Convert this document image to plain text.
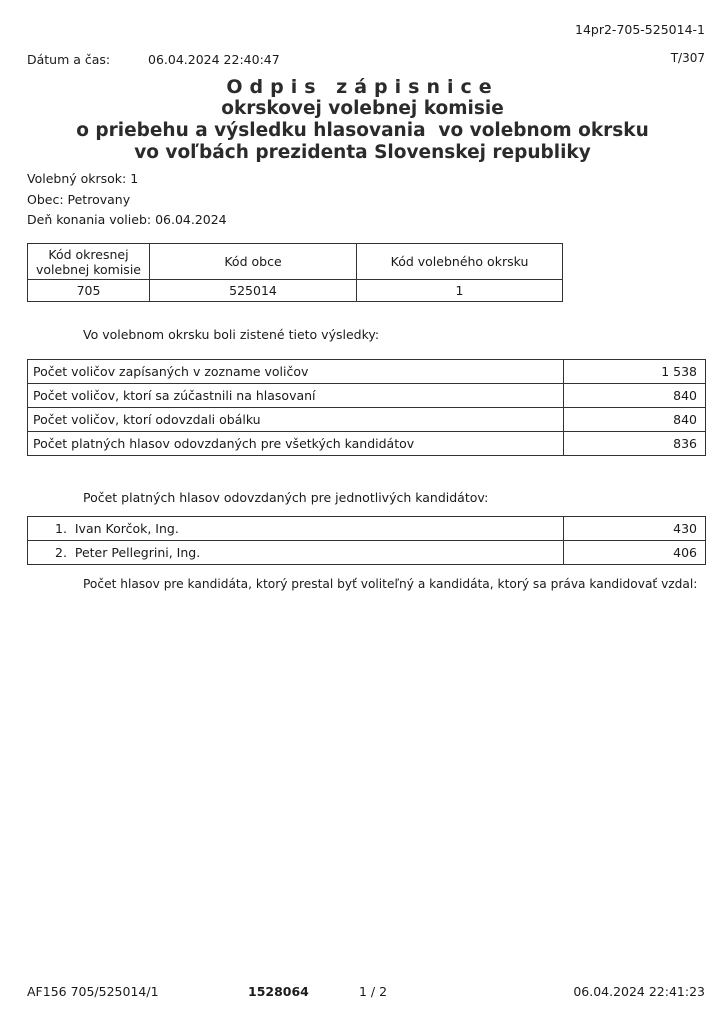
14pr2-705-525014-1
Dátum a čas:	06.04.2024 22:40:47	T/307
Odpis zápisnice
okrskovej volebnej komisie
o priebehu a výsledku hlasovania  vo volebnom okrsku
vo voľbách prezidenta Slovenskej republiky
Volebný okrsok: 1
Obec: Petrovany
Deň konania volieb: 06.04.2024
Kód okresnej volebnej komisie	Kód obce	Kód volebného okrsku
705	525014	1
Vo volebnom okrsku boli zistené tieto výsledky:
Počet voličov zapísaných v zozname voličov	1 538
Počet voličov, ktorí sa zúčastnili na hlasovaní	840
Počet voličov, ktorí odovzdali obálku	840
Počet platných hlasov odovzdaných pre všetkých kandidátov	836
Počet platných hlasov odovzdaných pre jednotlivých kandidátov:
1.  Ivan Korčok, Ing.	430
2.  Peter Pellegrini, Ing.	406
Počet hlasov pre kandidáta, ktorý prestal byť voliteľný a kandidáta, ktorý sa práva kandidovať vzdal:
AF156 705/525014/1	1528064	1 / 2	06.04.2024 22:41:23
